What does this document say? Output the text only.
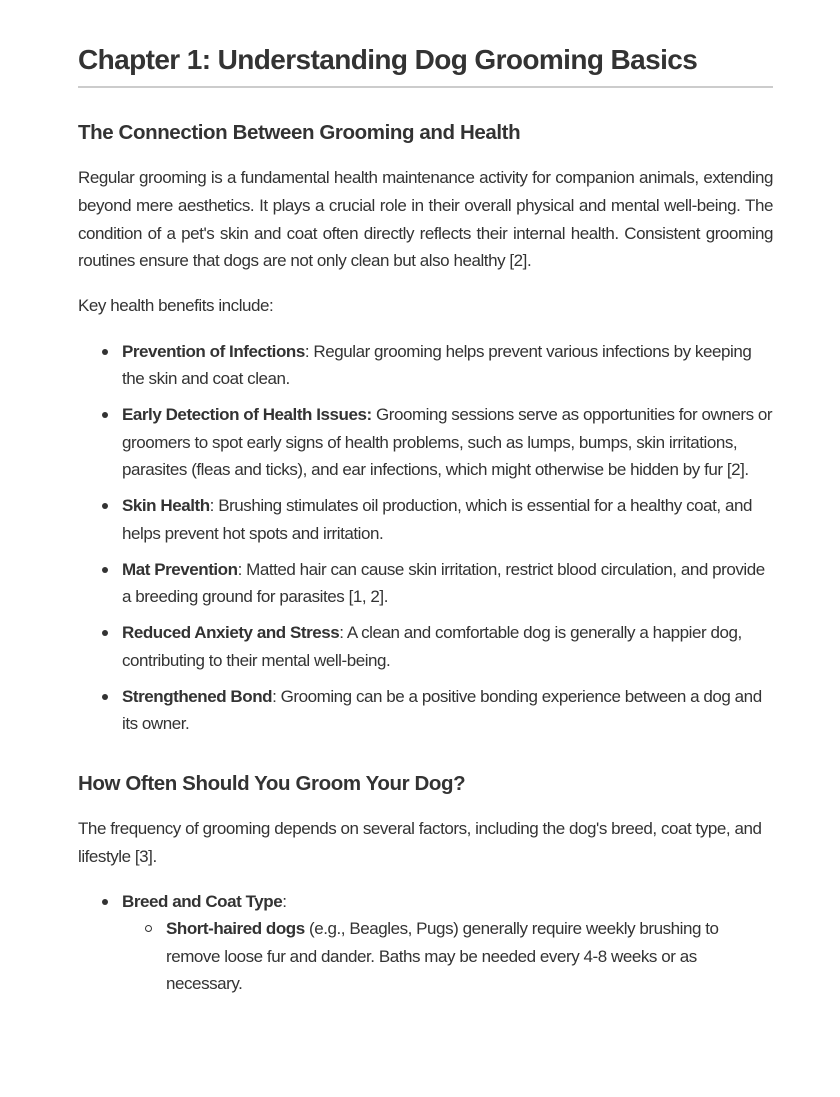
Chapter 1: Understanding Dog Grooming Basics
The Connection Between Grooming and Health

Regular grooming is a fundamental health maintenance activity for companion animals, extending beyond mere aesthetics. It plays a crucial role in their overall physical and mental well-being. The condition of a pet's skin and coat often directly reflects their internal health. Consistent grooming routines ensure that dogs are not only clean but also healthy [2].

Key health benefits include:

Prevention of Infections: Regular grooming helps prevent various infections by keeping the skin and coat clean.
Early Detection of Health Issues: Grooming sessions serve as opportunities for owners or groomers to spot early signs of health problems, such as lumps, bumps, skin irritations, parasites (fleas and ticks), and ear infections, which might otherwise be hidden by fur [2].
Skin Health: Brushing stimulates oil production, which is essential for a healthy coat, and helps prevent hot spots and irritation.
Mat Prevention: Matted hair can cause skin irritation, restrict blood circulation, and provide a breeding ground for parasites [1, 2].
Reduced Anxiety and Stress: A clean and comfortable dog is generally a happier dog, contributing to their mental well-being.
Strengthened Bond: Grooming can be a positive bonding experience between a dog and its owner.
How Often Should You Groom Your Dog?

The frequency of grooming depends on several factors, including the dog's breed, coat type, and lifestyle [3].

Breed and Coat Type:
Short-haired dogs (e.g., Beagles, Pugs) generally require weekly brushing to remove loose fur and dander. Baths may be needed every 4-8 weeks or as necessary.
